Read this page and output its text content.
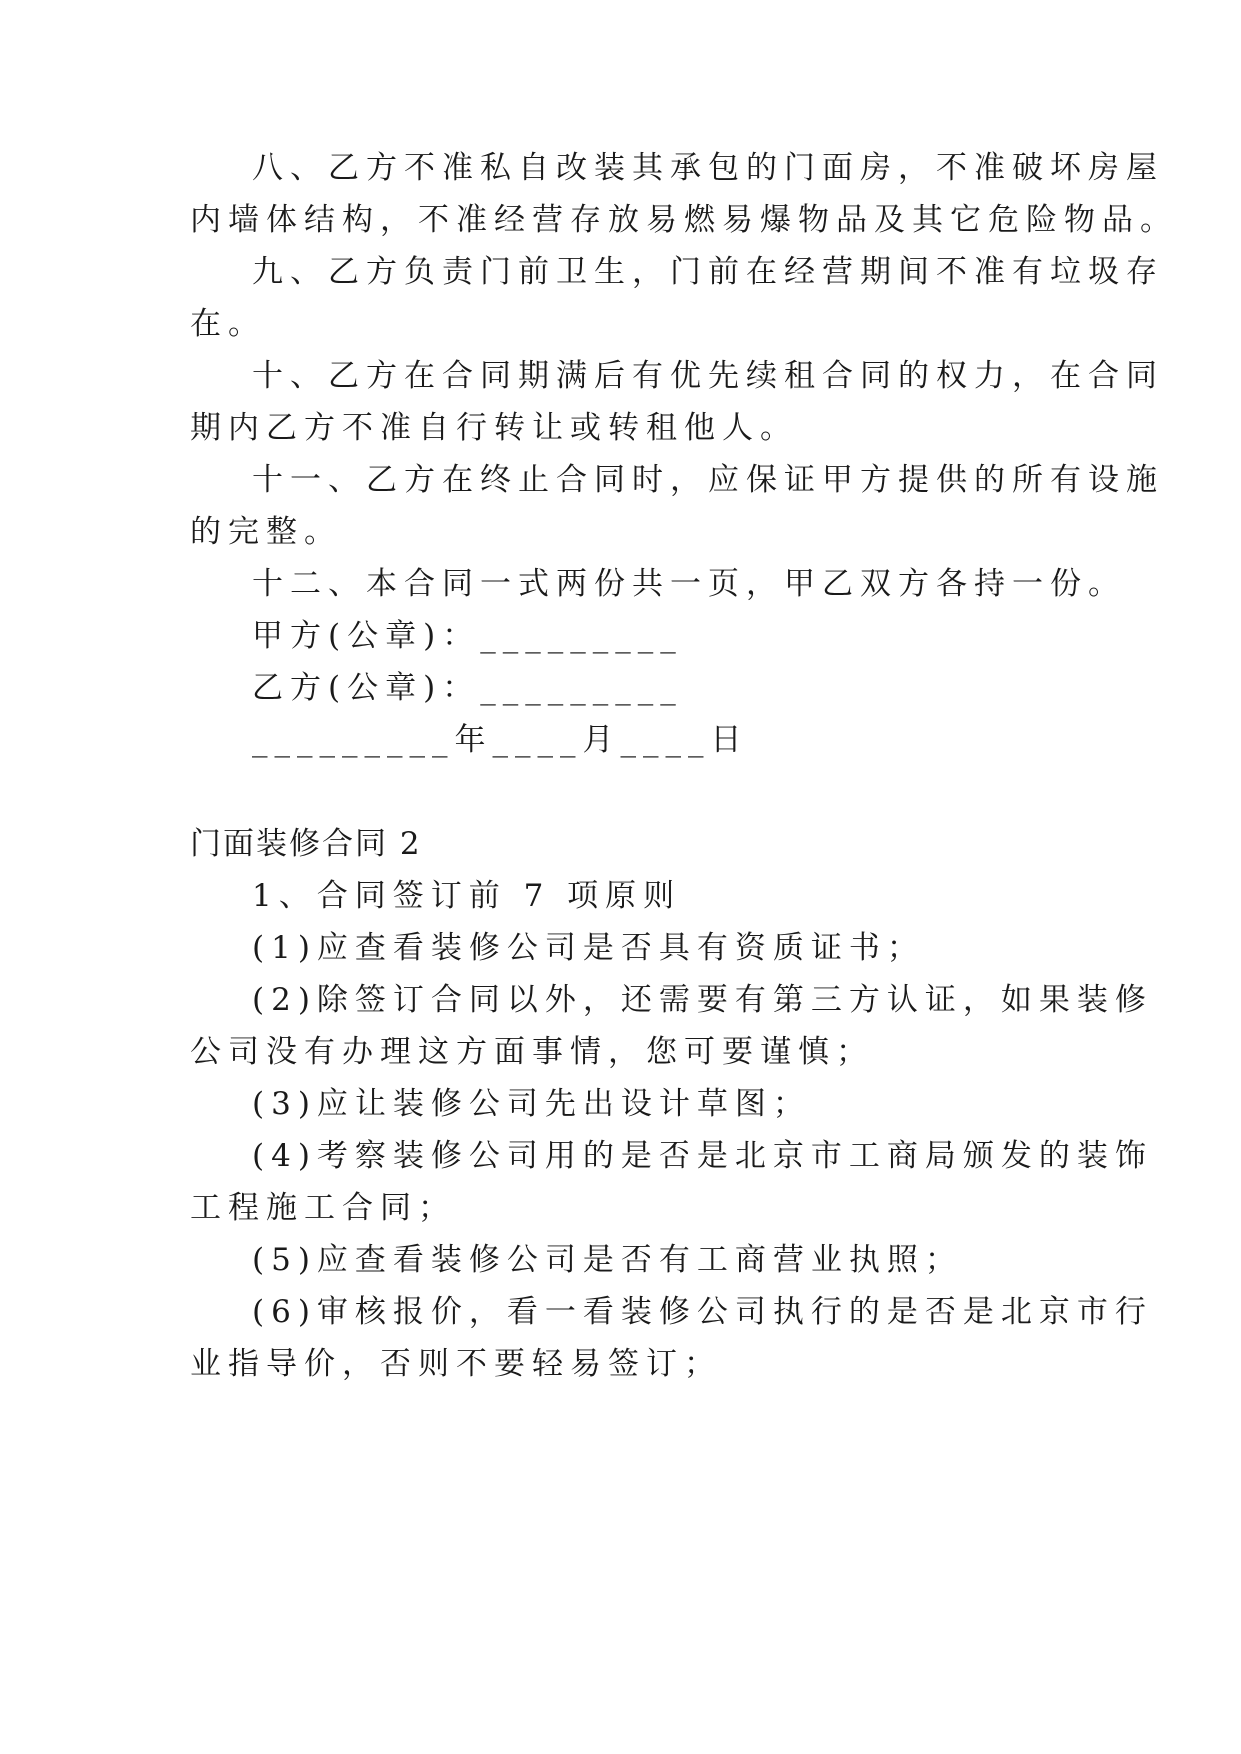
八、乙方不准私自改装其承包的门面房，不准破坏房屋
内墙体结构，不准经营存放易燃易爆物品及其它危险物品。
九、乙方负责门前卫生，门前在经营期间不准有垃圾存
在。
十、乙方在合同期满后有优先续租合同的权力，在合同
期内乙方不准自行转让或转租他人。
十一、乙方在终止合同时，应保证甲方提供的所有设施
的完整。
十二、本合同一式两份共一页，甲乙双方各持一份。
甲方(公章)：_________
乙方(公章)：_________
_________年____月____日
门面装修合同 2
1、合同签订前 7 项原则
(1)应查看装修公司是否具有资质证书；
(2)除签订合同以外，还需要有第三方认证，如果装修
公司没有办理这方面事情，您可要谨慎；
(3)应让装修公司先出设计草图；
(4)考察装修公司用的是否是北京市工商局颁发的装饰
工程施工合同；
(5)应查看装修公司是否有工商营业执照；
(6)审核报价，看一看装修公司执行的是否是北京市行
业指导价，否则不要轻易签订；
